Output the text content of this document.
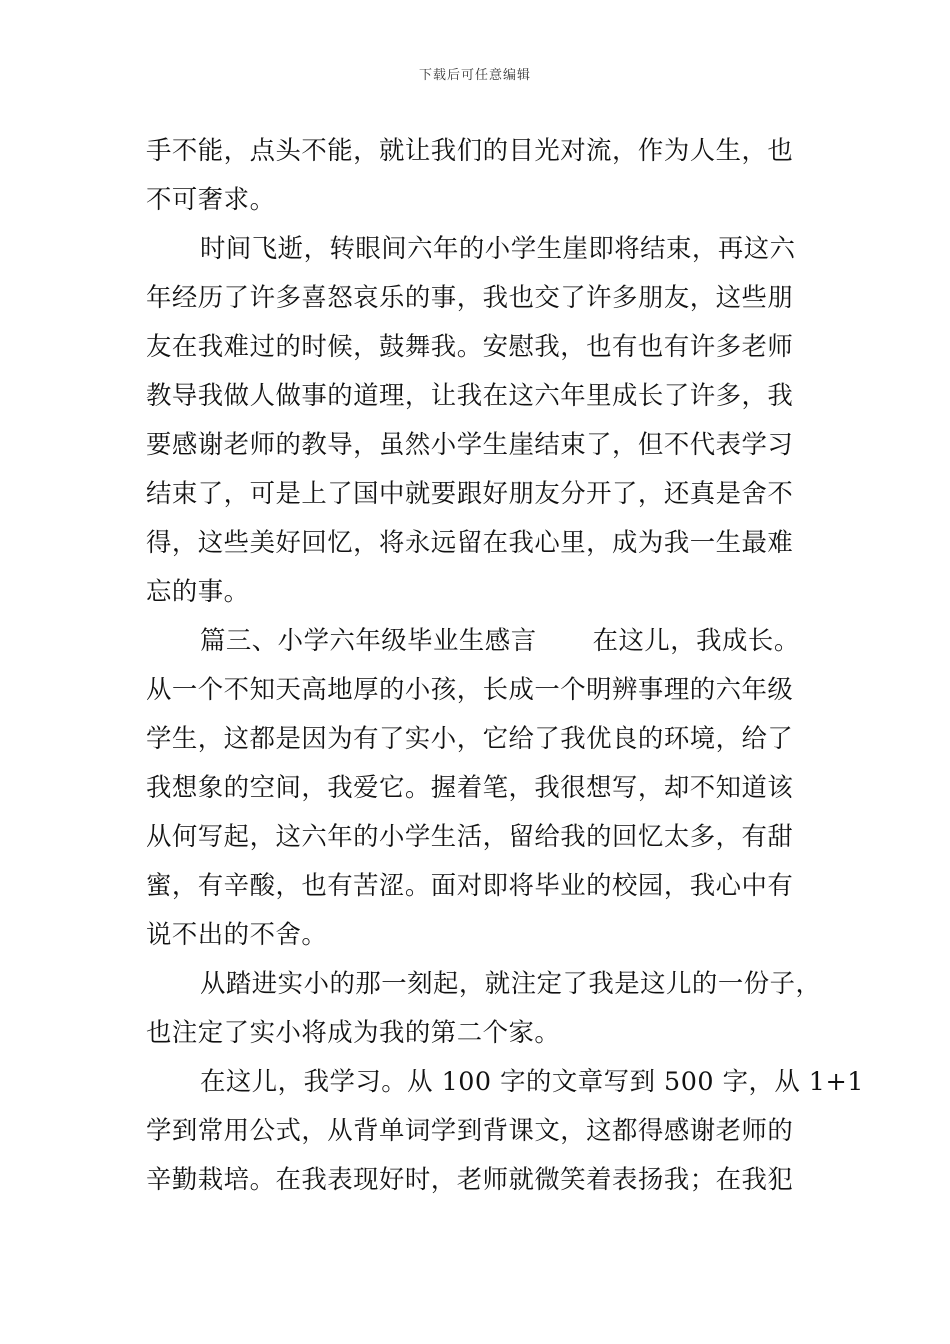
下载后可任意编辑
手不能，点头不能，就让我们的目光对流，作为人生，也
不可奢求。
时间飞逝，转眼间六年的小学生崖即将结束，再这六
年经历了许多喜怒哀乐的事，我也交了许多朋友，这些朋
友在我难过的时候，鼓舞我。安慰我，也有也有许多老师
教导我做人做事的道理，让我在这六年里成长了许多，我
要感谢老师的教导，虽然小学生崖结束了，但不代表学习
结束了，可是上了国中就要跟好朋友分开了，还真是舍不
得，这些美好回忆，将永远留在我心里，成为我一生最难
忘的事。
篇三、小学六年级毕业生感言 在这儿，我成长。
从一个不知天高地厚的小孩，长成一个明辨事理的六年级
学生，这都是因为有了实小，它给了我优良的环境，给了
我想象的空间，我爱它。握着笔，我很想写，却不知道该
从何写起，这六年的小学生活，留给我的回忆太多，有甜
蜜，有辛酸，也有苦涩。面对即将毕业的校园，我心中有
说不出的不舍。
从踏进实小的那一刻起，就注定了我是这儿的一份子，
也注定了实小将成为我的第二个家。
在这儿，我学习。从 100 字的文章写到 500 字，从 1+1
学到常用公式，从背单词学到背课文，这都得感谢老师的
辛勤栽培。在我表现好时，老师就微笑着表扬我；在我犯
